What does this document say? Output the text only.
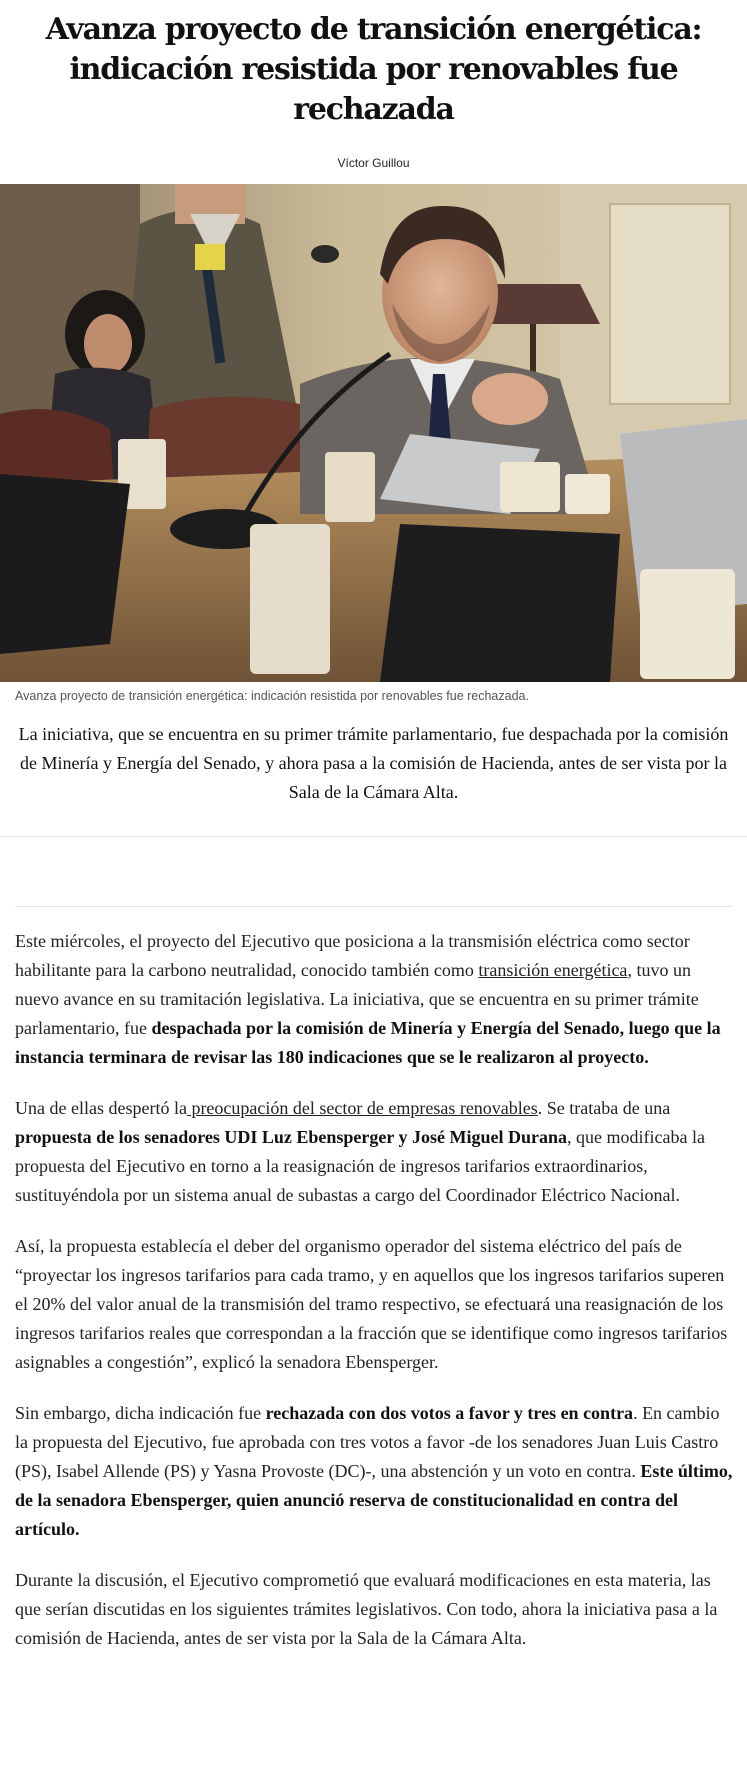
Avanza proyecto de transición energética: indicación resistida por renovables fue rechazada
Víctor Guillou
Avanza proyecto de transición energética: indicación resistida por renovables fue rechazada.
La iniciativa, que se encuentra en su primer trámite parlamentario, fue despachada por la comisión de Minería y Energía del Senado, y ahora pasa a la comisión de Hacienda, antes de ser vista por la Sala de la Cámara Alta.

Este miércoles, el proyecto del Ejecutivo que posiciona a la transmisión eléctrica como sector habilitante para la carbono neutralidad, conocido también como transición energética, tuvo un nuevo avance en su tramitación legislativa. La iniciativa, que se encuentra en su primer trámite parlamentario, fue despachada por la comisión de Minería y Energía del Senado, luego que la instancia terminara de revisar las 180 indicaciones que se le realizaron al proyecto.

Una de ellas despertó la preocupación del sector de empresas renovables. Se trataba de una propuesta de los senadores UDI Luz Ebensperger y José Miguel Durana, que modificaba la propuesta del Ejecutivo en torno a la reasignación de ingresos tarifarios extraordinarios, sustituyéndola por un sistema anual de subastas a cargo del Coordinador Eléctrico Nacional.

Así, la propuesta establecía el deber del organismo operador del sistema eléctrico del país de “proyectar los ingresos tarifarios para cada tramo, y en aquellos que los ingresos tarifarios superen el 20% del valor anual de la transmisión del tramo respectivo, se efectuará una reasignación de los ingresos tarifarios reales que correspondan a la fracción que se identifique como ingresos tarifarios asignables a congestión”, explicó la senadora Ebensperger.

Sin embargo, dicha indicación fue rechazada con dos votos a favor y tres en contra. En cambio la propuesta del Ejecutivo, fue aprobada con tres votos a favor -de los senadores Juan Luis Castro (PS), Isabel Allende (PS) y Yasna Provoste (DC)-, una abstención y un voto en contra. Este último, de la senadora Ebensperger, quien anunció reserva de constitucionalidad en contra del artículo.

Durante la discusión, el Ejecutivo comprometió que evaluará modificaciones en esta materia, las que serían discutidas en los siguientes trámites legislativos. Con todo, ahora la iniciativa pasa a la comisión de Hacienda, antes de ser vista por la Sala de la Cámara Alta.
